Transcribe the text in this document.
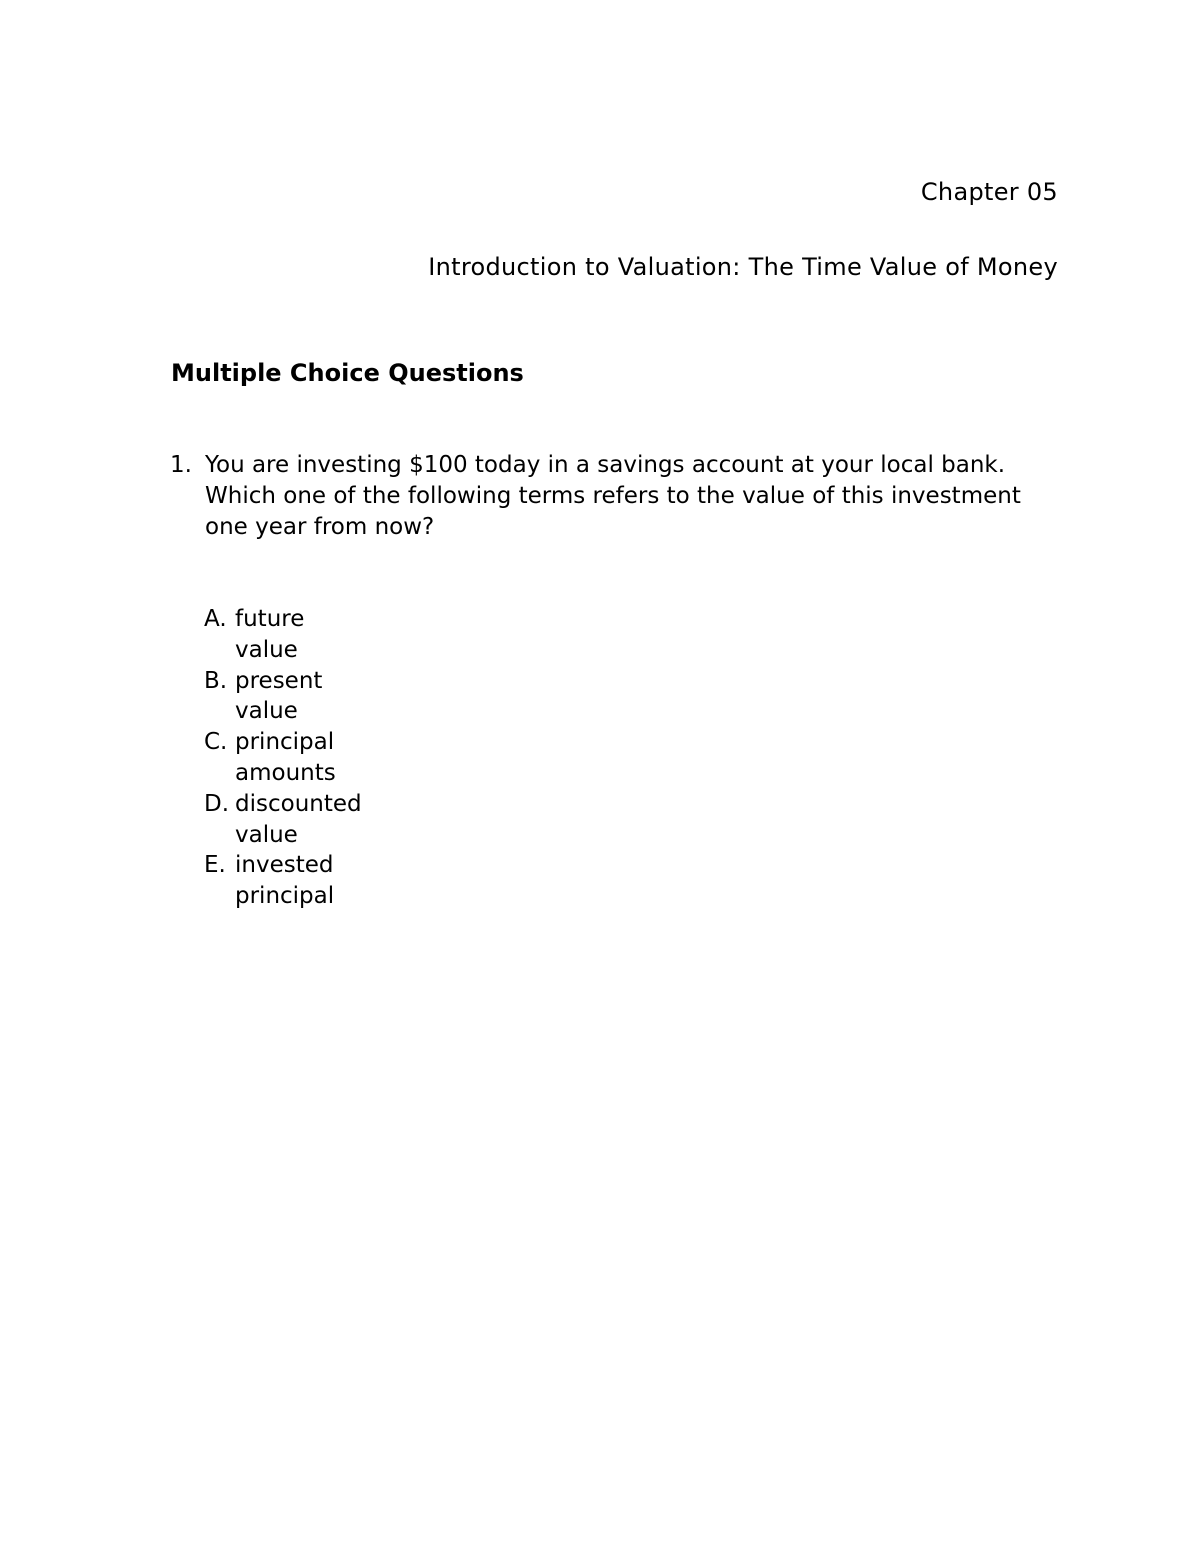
Chapter 05
Introduction to Valuation: The Time Value of Money
Multiple Choice Questions
1. You are investing $100 today in a savings account at your local bank.
Which one of the following terms refers to the value of this investment
one year from now?
A. future
value
B. present
value
C. principal
amounts
D. discounted
value
E. invested
principal
